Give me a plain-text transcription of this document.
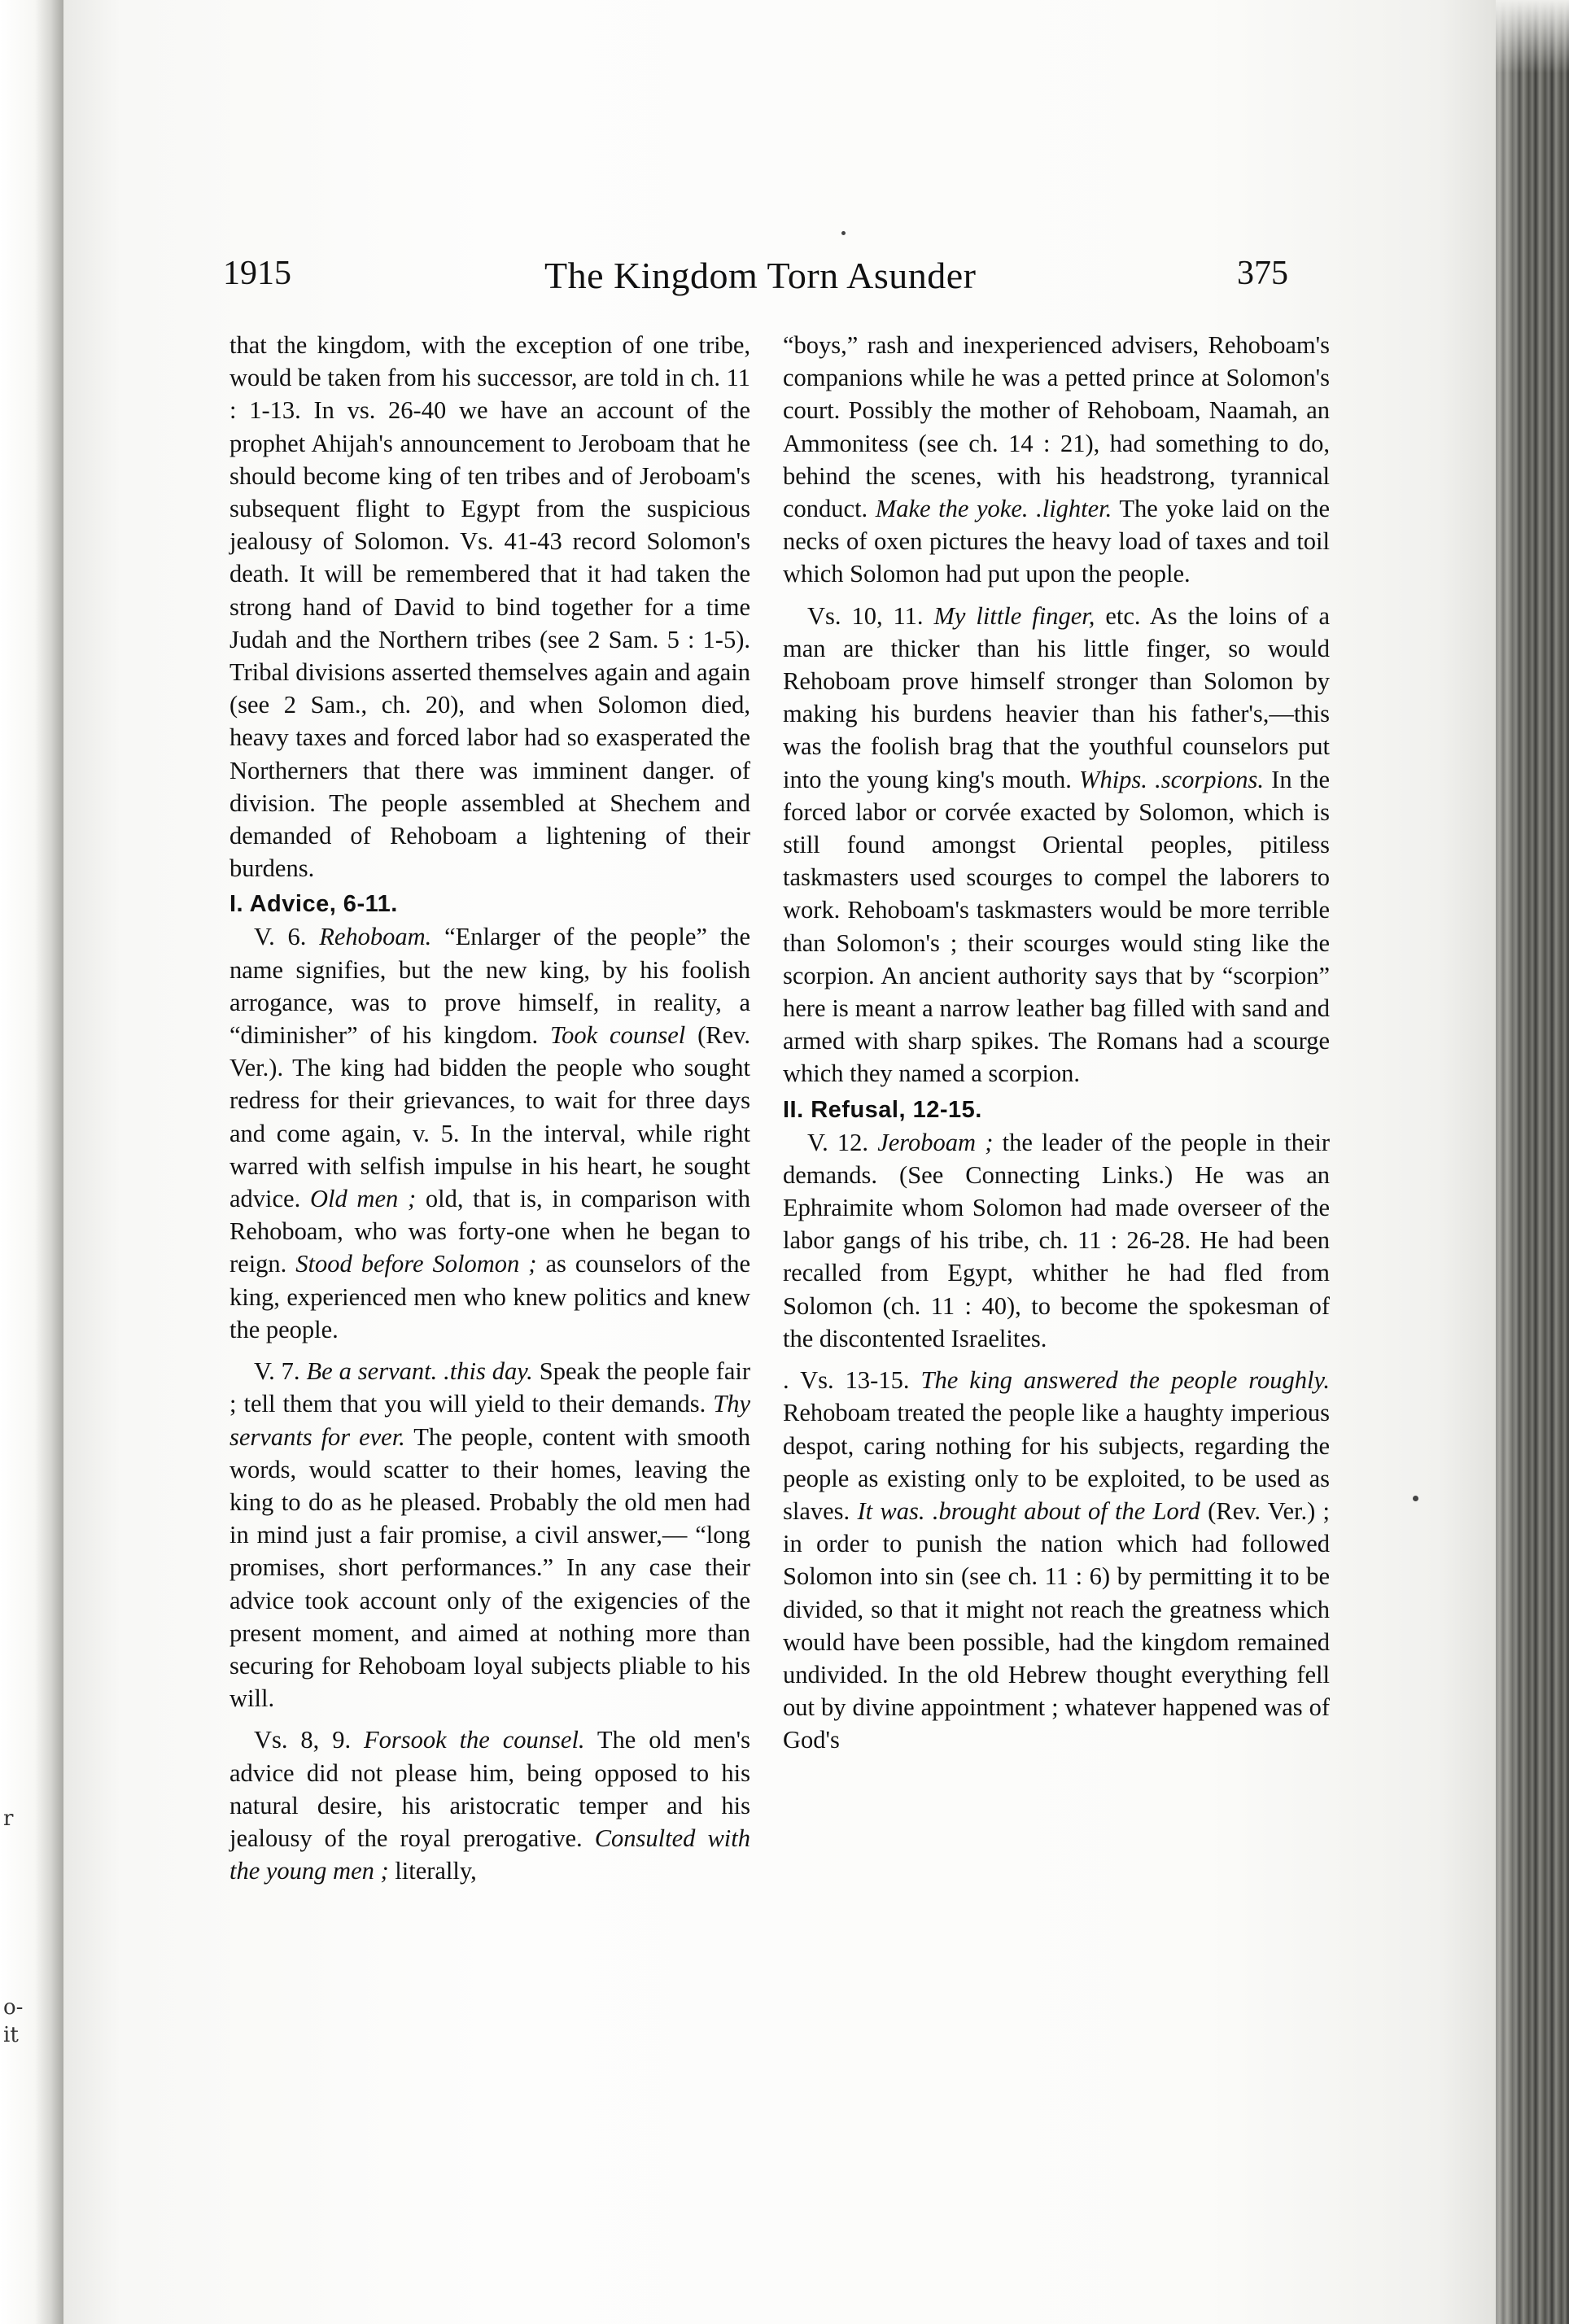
r
o-
it
1915	The Kingdom Torn Asunder	375

that the kingdom, with the exception of one tribe, would be taken from his successor, are told in ch. 11 : 1-13. In vs. 26-40 we have an account of the prophet Ahijah's announcement to Jeroboam that he should become king of ten tribes and of Jeroboam's subsequent flight to Egypt from the suspicious jealousy of Solomon. Vs. 41-43 record Solomon's death. It will be remembered that it had taken the strong hand of David to bind together for a time Judah and the Northern tribes (see 2 Sam. 5 : 1-5). Tribal divisions asserted themselves again and again (see 2 Sam., ch. 20), and when Solomon died, heavy taxes and forced labor had so exasperated the Northerners that there was imminent danger. of division. The people assembled at Shechem and demanded of Rehoboam a lightening of their burdens.

I. Advice, 6-11.

V. 6. Rehoboam. “Enlarger of the people” the name signifies, but the new king, by his foolish arrogance, was to prove himself, in reality, a “diminisher” of his kingdom. Took counsel (Rev. Ver.). The king had bidden the people who sought redress for their grievances, to wait for three days and come again, v. 5. In the interval, while right warred with selfish impulse in his heart, he sought advice. Old men ; old, that is, in comparison with Rehoboam, who was forty-one when he began to reign. Stood before Solomon ; as counselors of the king, experienced men who knew politics and knew the people.

V. 7. Be a servant. .this day. Speak the people fair ; tell them that you will yield to their demands. Thy servants for ever. The people, content with smooth words, would scatter to their homes, leaving the king to do as he pleased. Probably the old men had in mind just a fair promise, a civil answer,— “long promises, short performances.” In any case their advice took account only of the exigencies of the present moment, and aimed at nothing more than securing for Rehoboam loyal subjects pliable to his will.

Vs. 8, 9. Forsook the counsel. The old men's advice did not please him, being opposed to his natural desire, his aristocratic temper and his jealousy of the royal prerogative. Consulted with the young men ; literally,

“boys,” rash and inexperienced advisers, Rehoboam's companions while he was a petted prince at Solomon's court. Possibly the mother of Rehoboam, Naamah, an Ammonitess (see ch. 14 : 21), had something to do, behind the scenes, with his headstrong, tyrannical conduct. Make the yoke. .lighter. The yoke laid on the necks of oxen pictures the heavy load of taxes and toil which Solomon had put upon the people.

Vs. 10, 11. My little finger, etc. As the loins of a man are thicker than his little finger, so would Rehoboam prove himself stronger than Solomon by making his burdens heavier than his father's,—this was the foolish brag that the youthful counselors put into the young king's mouth. Whips. .scorpions. In the forced labor or corvée exacted by Solomon, which is still found amongst Oriental peoples, pitiless taskmasters used scourges to compel the laborers to work. Rehoboam's taskmasters would be more terrible than Solomon's ; their scourges would sting like the scorpion. An ancient authority says that by “scorpion” here is meant a narrow leather bag filled with sand and armed with sharp spikes. The Romans had a scourge which they named a scorpion.

II. Refusal, 12-15.

V. 12. Jeroboam ; the leader of the people in their demands. (See Connecting Links.) He was an Ephraimite whom Solomon had made overseer of the labor gangs of his tribe, ch. 11 : 26-28. He had been recalled from Egypt, whither he had fled from Solomon (ch. 11 : 40), to become the spokesman of the discontented Israelites.

. Vs. 13-15. The king answered the people roughly. Rehoboam treated the people like a haughty imperious despot, caring nothing for his subjects, regarding the people as existing only to be exploited, to be used as slaves. It was. .brought about of the Lord (Rev. Ver.) ; in order to punish the nation which had followed Solomon into sin (see ch. 11 : 6) by permitting it to be divided, so that it might not reach the greatness which would have been possible, had the kingdom remained undivided. In the old Hebrew thought everything fell out by divine appointment ; whatever happened was of God's
